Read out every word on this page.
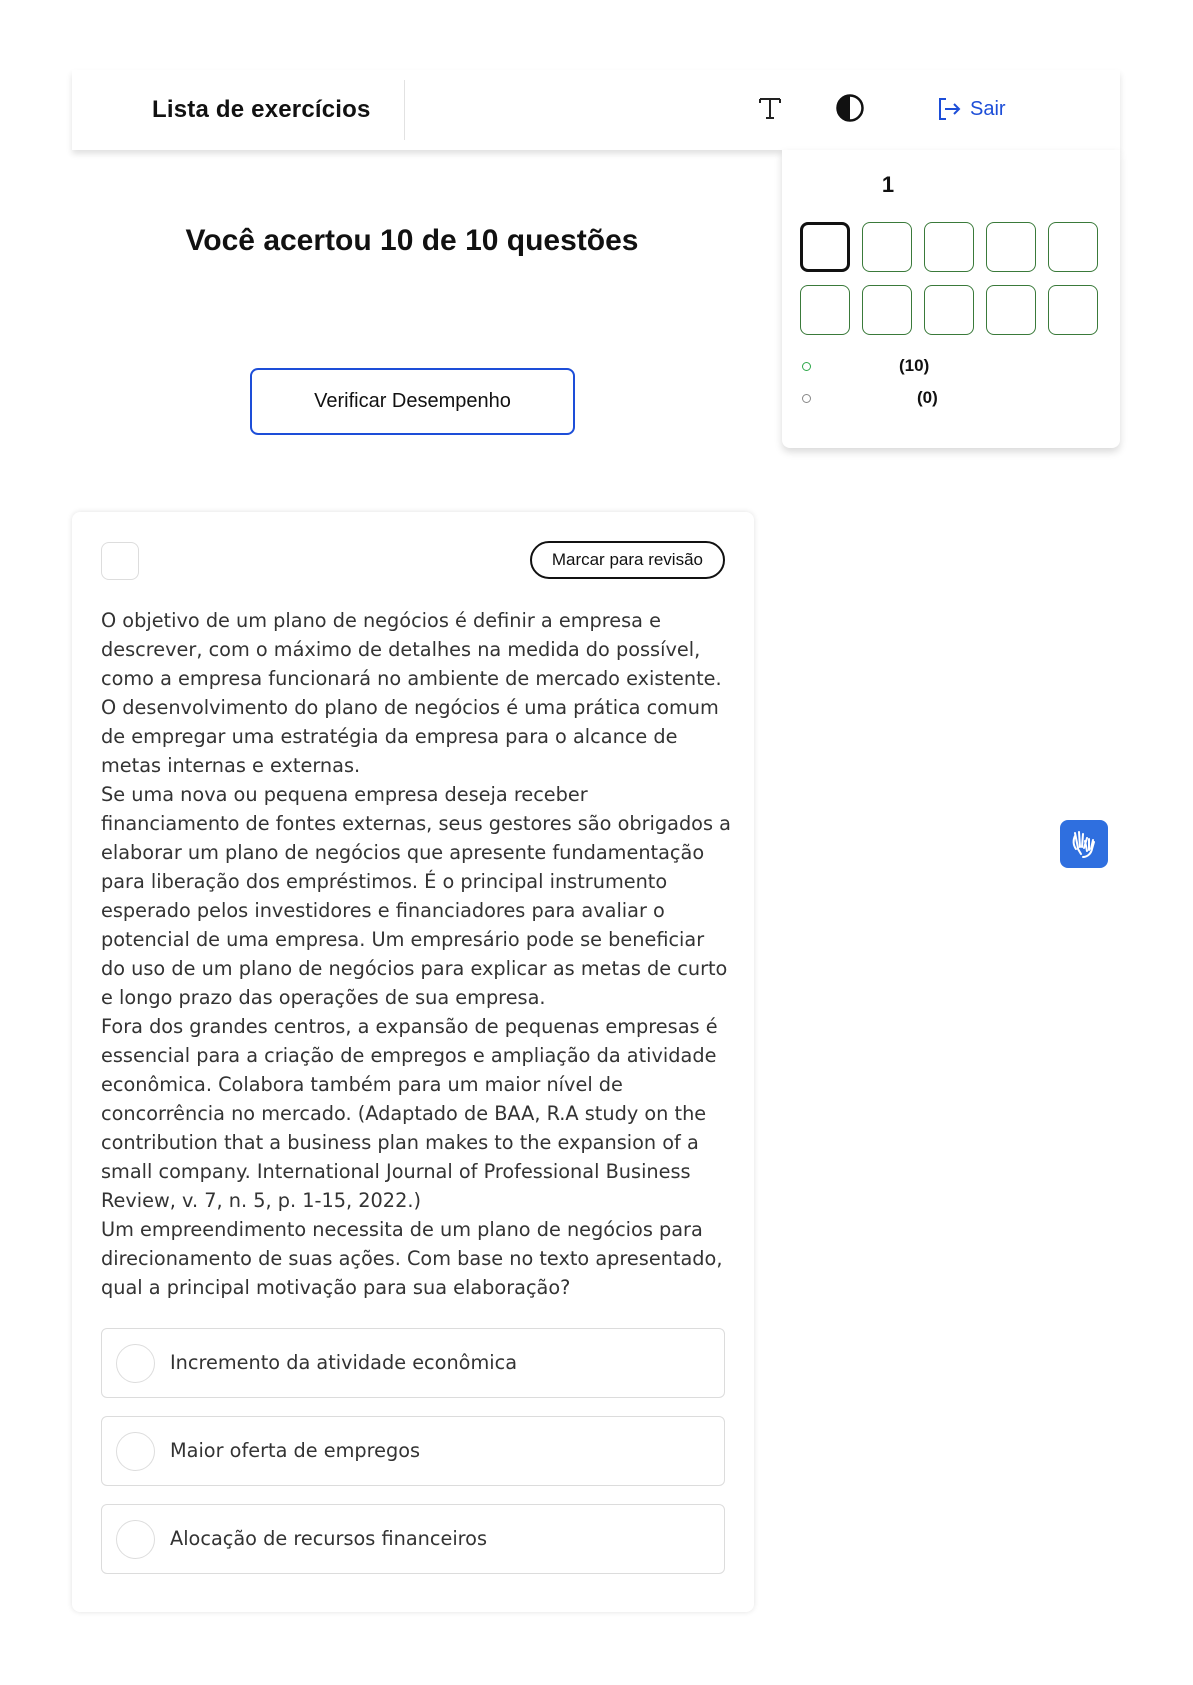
Lista de exercícios	Sair
Você acertou 10 de 10 questões
Verificar Desempenho
1
(10)
(0)
Marcar para revisão

O objetivo de um plano de negócios é definir a empresa e descrever, com o máximo de detalhes na medida do possível, como a empresa funcionará no ambiente de mercado existente. O desenvolvimento do plano de negócios é uma prática comum de empregar uma estratégia da empresa para o alcance de metas internas e externas.

Se uma nova ou pequena empresa deseja receber financiamento de fontes externas, seus gestores são obrigados a elaborar um plano de negócios que apresente fundamentação para liberação dos empréstimos. É o principal instrumento esperado pelos investidores e financiadores para avaliar o potencial de uma empresa. Um empresário pode se beneficiar do uso de um plano de negócios para explicar as metas de curto e longo prazo das operações de sua empresa.

Fora dos grandes centros, a expansão de pequenas empresas é essencial para a criação de empregos e ampliação da atividade econômica. Colabora também para um maior nível de concorrência no mercado. (Adaptado de BAA, R.A study on the contribution that a business plan makes to the expansion of a small company. International Journal of Professional Business Review, v. 7, n. 5, p. 1-15, 2022.)

Um empreendimento necessita de um plano de negócios para direcionamento de suas ações. Com base no texto apresentado, qual a principal motivação para sua elaboração?

Incremento da atividade econômica
Maior oferta de empregos
Alocação de recursos financeiros
